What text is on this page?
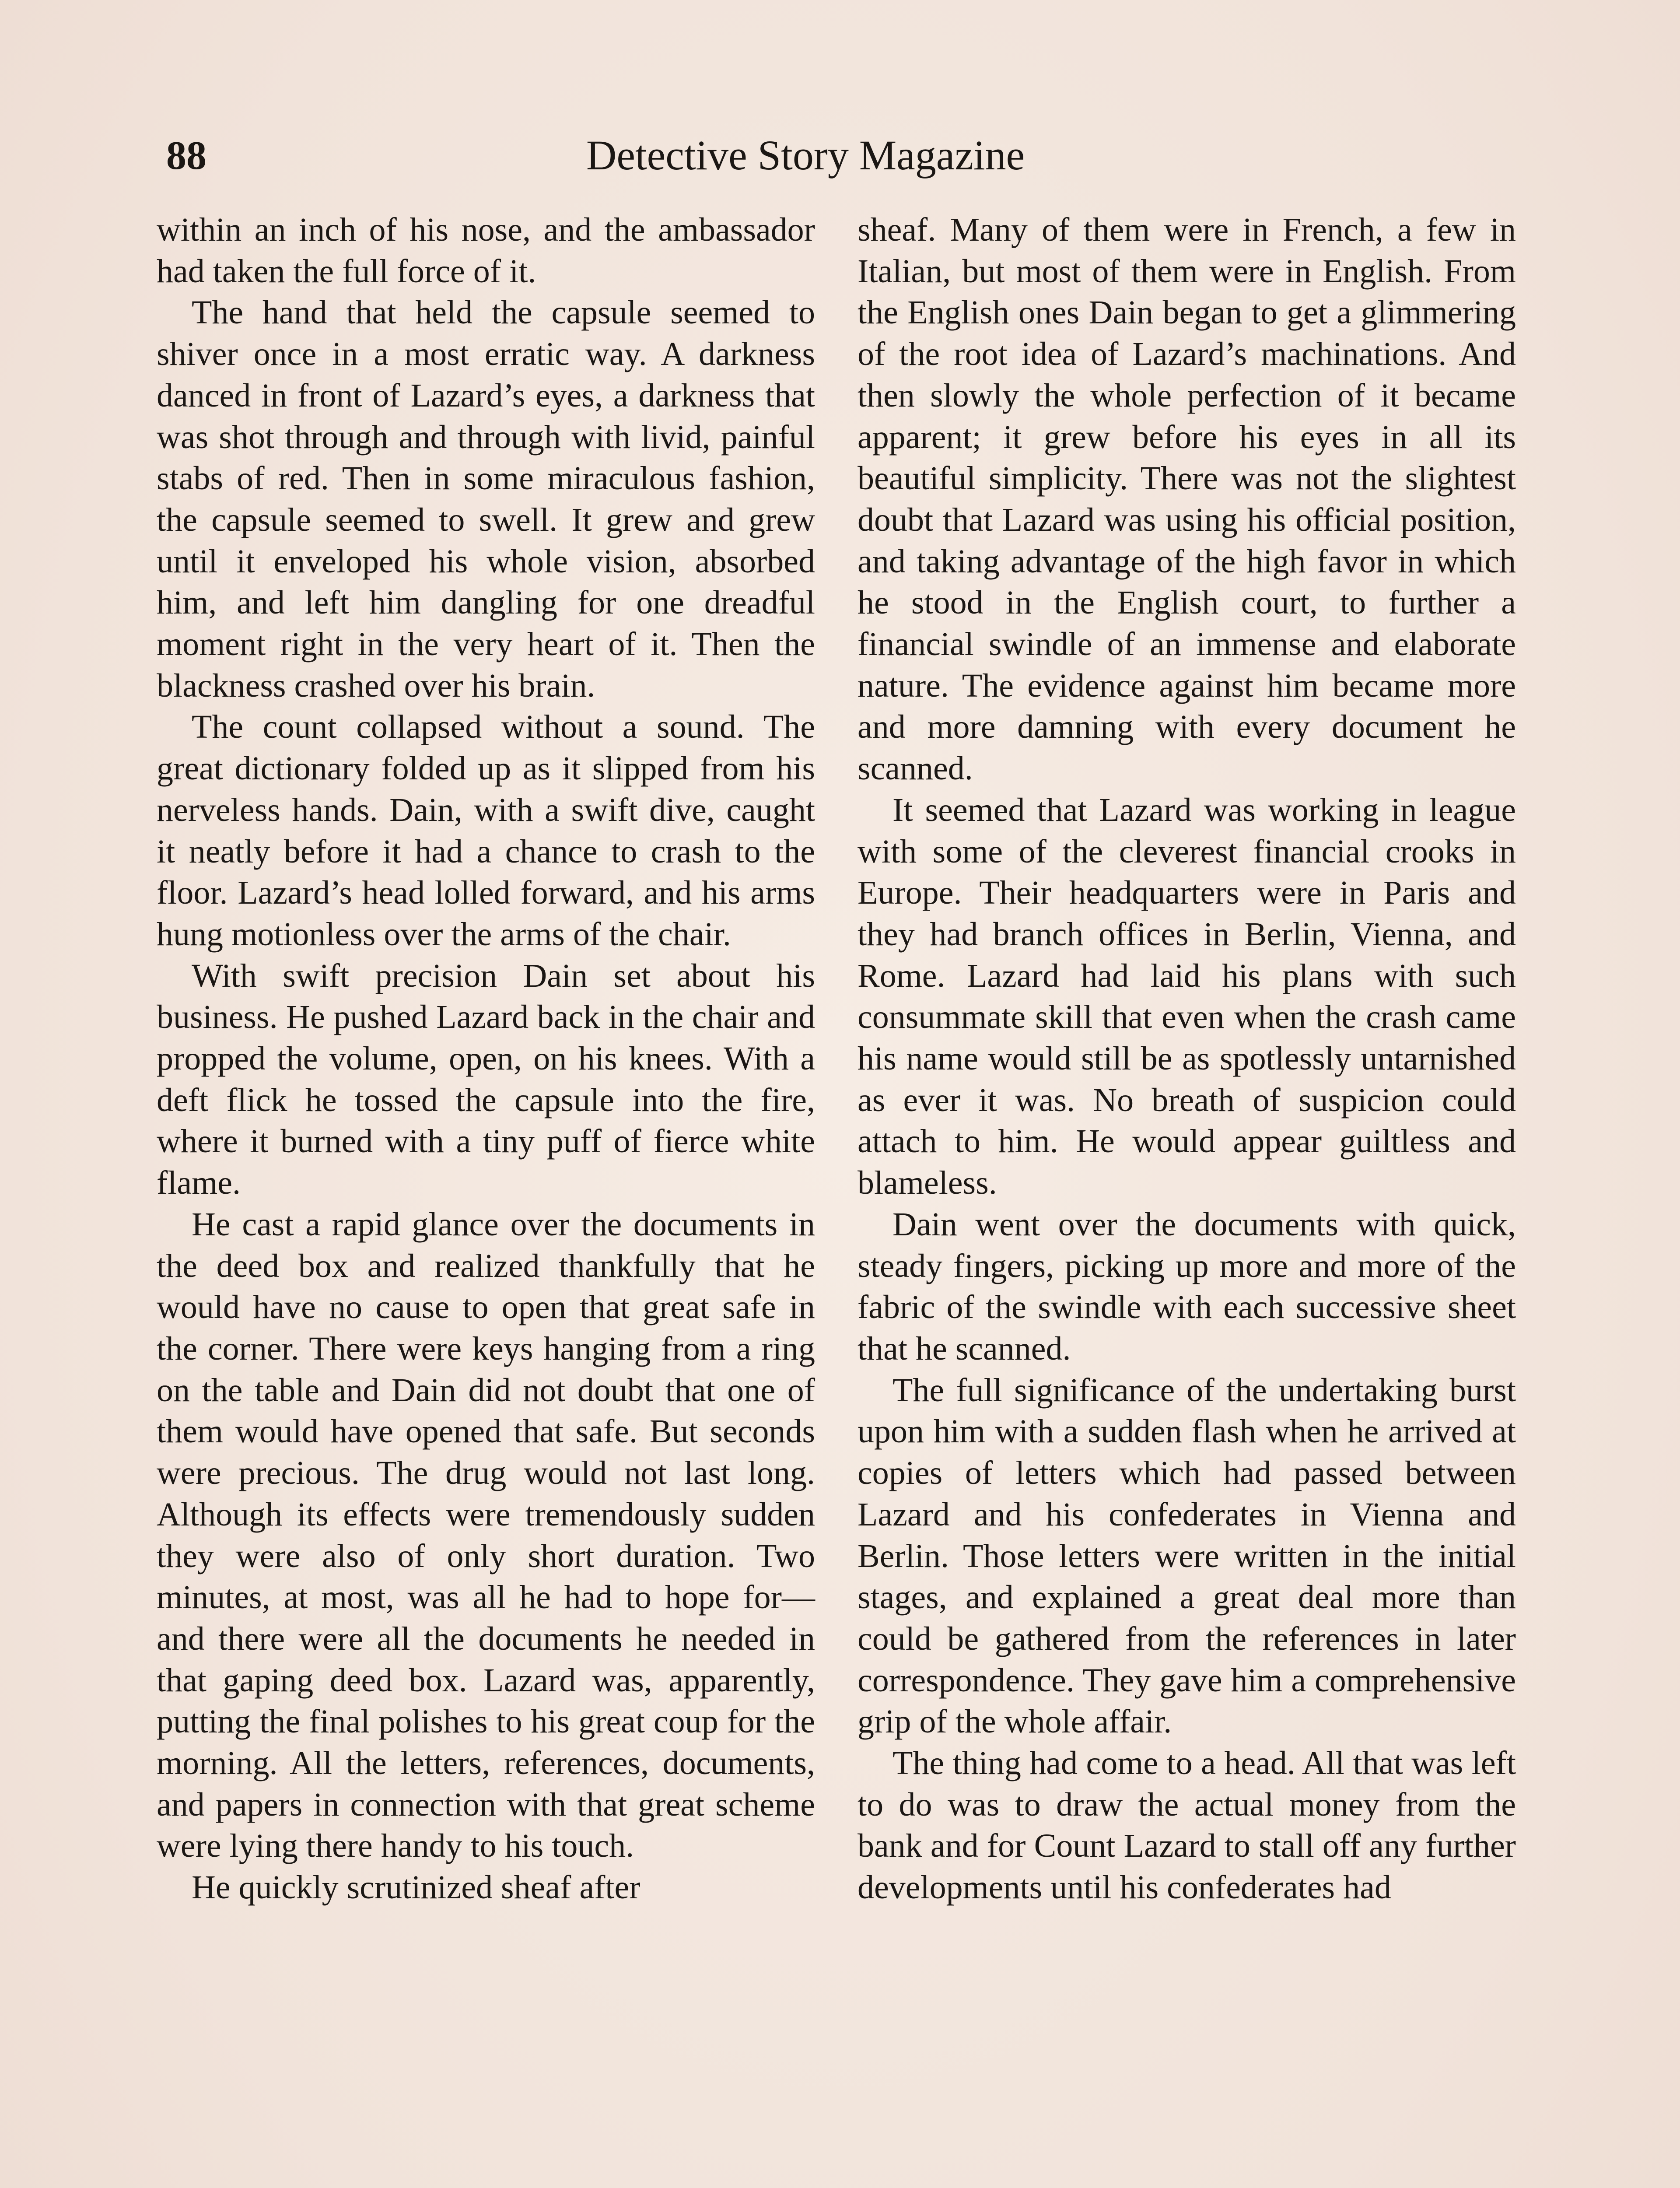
88	Detective Story Magazine

within an inch of his nose, and the ambassador had taken the full force of it.

The hand that held the capsule seemed to shiver once in a most erratic way. A darkness danced in front of Lazard’s eyes, a darkness that was shot through and through with livid, painful stabs of red. Then in some miraculous fashion, the capsule seemed to swell. It grew and grew until it enveloped his whole vision, absorbed him, and left him dangling for one dreadful moment right in the very heart of it. Then the blackness crashed over his brain.

The count collapsed without a sound. The great dictionary folded up as it slipped from his nerveless hands. Dain, with a swift dive, caught it neatly before it had a chance to crash to the floor. Lazard’s head lolled forward, and his arms hung motionless over the arms of the chair.

With swift precision Dain set about his business. He pushed Lazard back in the chair and propped the volume, open, on his knees. With a deft flick he tossed the capsule into the fire, where it burned with a tiny puff of fierce white flame.

He cast a rapid glance over the documents in the deed box and realized thankfully that he would have no cause to open that great safe in the corner. There were keys hanging from a ring on the table and Dain did not doubt that one of them would have opened that safe. But seconds were precious. The drug would not last long. Although its effects were tremendously sudden they were also of only short duration. Two minutes, at most, was all he had to hope for—and there were all the documents he needed in that gaping deed box. Lazard was, apparently, putting the final polishes to his great coup for the morning. All the letters, references, documents, and papers in connection with that great scheme were lying there handy to his touch.

He quickly scrutinized sheaf after

sheaf. Many of them were in French, a few in Italian, but most of them were in English. From the English ones Dain began to get a glimmering of the root idea of Lazard’s machinations. And then slowly the whole perfection of it became apparent; it grew before his eyes in all its beautiful simplicity. There was not the slightest doubt that Lazard was using his official position, and taking advantage of the high favor in which he stood in the English court, to further a financial swindle of an immense and elaborate nature. The evidence against him became more and more damning with every document he scanned.

It seemed that Lazard was working in league with some of the cleverest financial crooks in Europe. Their headquarters were in Paris and they had branch offices in Berlin, Vienna, and Rome. Lazard had laid his plans with such consummate skill that even when the crash came his name would still be as spotlessly untarnished as ever it was. No breath of suspicion could attach to him. He would appear guiltless and blameless.

Dain went over the documents with quick, steady fingers, picking up more and more of the fabric of the swindle with each successive sheet that he scanned.

The full significance of the undertaking burst upon him with a sudden flash when he arrived at copies of letters which had passed between Lazard and his confederates in Vienna and Berlin. Those letters were written in the initial stages, and explained a great deal more than could be gathered from the references in later correspondence. They gave him a comprehensive grip of the whole affair.

The thing had come to a head. All that was left to do was to draw the actual money from the bank and for Count Lazard to stall off any further developments until his confederates had
